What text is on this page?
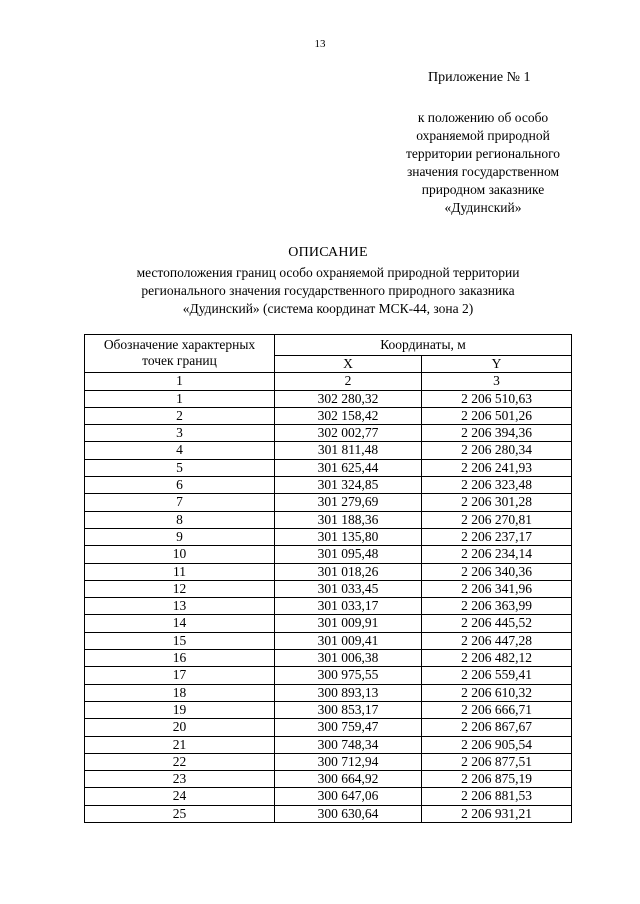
13
Приложение № 1
к положению об особо
охраняемой природной
территории регионального
значения государственном
природном заказнике
«Дудинский»
ОПИСАНИЕ
местоположения границ особо охраняемой природной территории
регионального значения государственного природного заказника
«Дудинский» (система координат МСК-44, зона 2)
Обозначение характерных
точек границ	Координаты, м	
	X	Y
1	2	3
1	302 280,32	2 206 510,63
2	302 158,42	2 206 501,26
3	302 002,77	2 206 394,36
4	301 811,48	2 206 280,34
5	301 625,44	2 206 241,93
6	301 324,85	2 206 323,48
7	301 279,69	2 206 301,28
8	301 188,36	2 206 270,81
9	301 135,80	2 206 237,17
10	301 095,48	2 206 234,14
11	301 018,26	2 206 340,36
12	301 033,45	2 206 341,96
13	301 033,17	2 206 363,99
14	301 009,91	2 206 445,52
15	301 009,41	2 206 447,28
16	301 006,38	2 206 482,12
17	300 975,55	2 206 559,41
18	300 893,13	2 206 610,32
19	300 853,17	2 206 666,71
20	300 759,47	2 206 867,67
21	300 748,34	2 206 905,54
22	300 712,94	2 206 877,51
23	300 664,92	2 206 875,19
24	300 647,06	2 206 881,53
25	300 630,64	2 206 931,21
